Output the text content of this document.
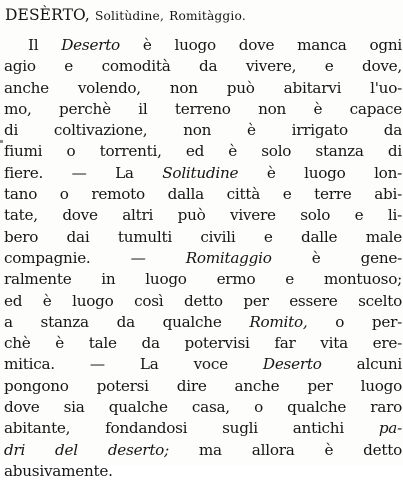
DESÈRTO, Solitùdine, Romitàggio.
Il Deserto è luogo dove manca ogni
agio e comodità da vivere, e dove,
anche volendo, non può abitarvi l'uo-
mo, perchè il terreno non è capace
di coltivazione, non è irrigato da
fiumi o torrenti, ed è solo stanza di
fiere. — La Solitudine è luogo lon-
tano o remoto dalla città e terre abi-
tate, dove altri può vivere solo e li-
bero dai tumulti civili e dalle male
compagnie. — Romitaggio è gene-
ralmente in luogo ermo e montuoso;
ed è luogo così detto per essere scelto
a stanza da qualche Romito, o per-
chè è tale da potervisi far vita ere-
mitica. — La voce Deserto alcuni
pongono potersi dire anche per luogo
dove sia qualche casa, o qualche raro
abitante, fondandosi sugli antichi pa-
dri del deserto; ma allora è detto
abusivamente.
